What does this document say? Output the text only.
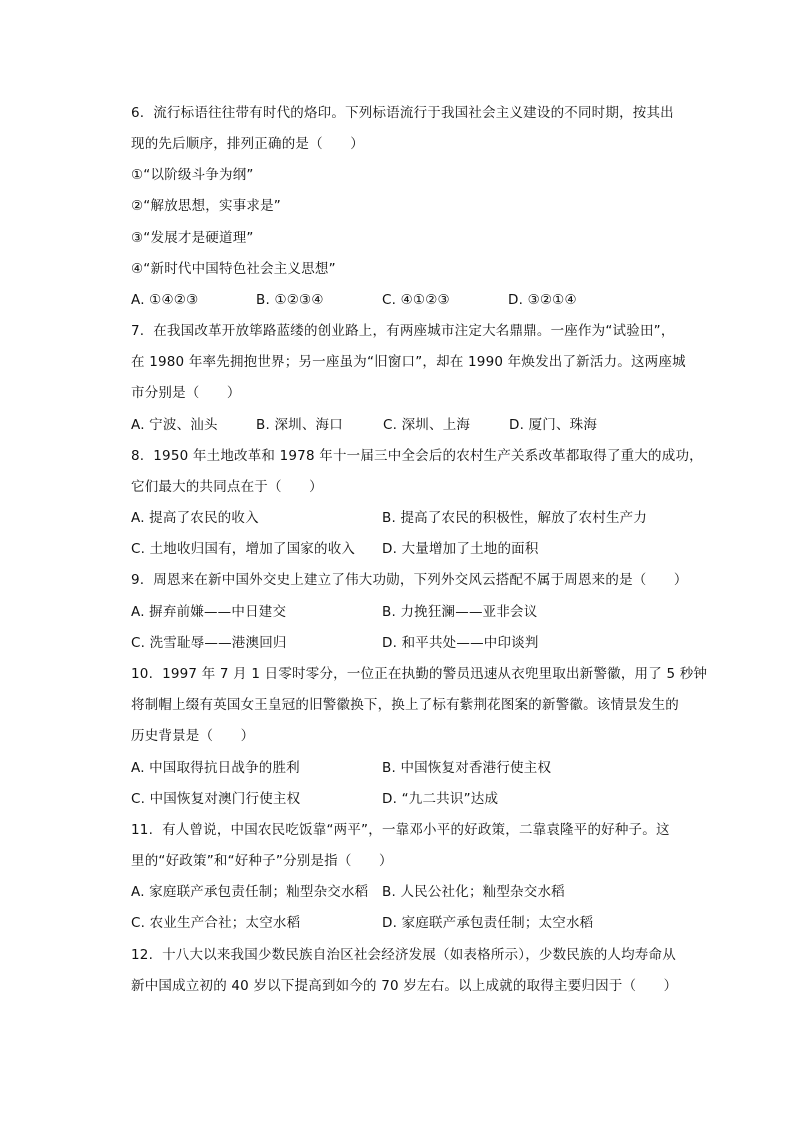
6. 流行标语往往带有时代的烙印。下列标语流行于我国社会主义建设的不同时期，按其出
现的先后顺序，排列正确的是（　　）
①“以阶级斗争为纲”
②“解放思想，实事求是”
③“发展才是硬道理”
④“新时代中国特色社会主义思想”
A. ①④②③	B. ①②③④	C. ④①②③	D. ③②①④
7. 在我国改革开放筚路蓝缕的创业路上，有两座城市注定大名鼎鼎。一座作为“试验田”，
在 1980 年率先拥抱世界；另一座虽为“旧窗口”，却在 1990 年焕发出了新活力。这两座城
市分别是（　　）
A. 宁波、汕头	B. 深圳、海口	C. 深圳、上海	D. 厦门、珠海
8. 1950 年土地改革和 1978 年十一届三中全会后的农村生产关系改革都取得了重大的成功，
它们最大的共同点在于（　　）
A. 提高了农民的收入	B. 提高了农民的积极性，解放了农村生产力
C. 土地收归国有，增加了国家的收入 D. 大量增加了土地的面积
9. 周恩来在新中国外交史上建立了伟大功勋，下列外交风云搭配不属于周恩来的是（　　）
A. 摒弃前嫌——中日建交	B. 力挽狂澜——亚非会议
C. 洗雪耻辱——港澳回归	D. 和平共处——中印谈判
10. 1997 年 7 月 1 日零时零分，一位正在执勤的警员迅速从衣兜里取出新警徽，用了 5 秒钟
将制帽上缀有英国女王皇冠的旧警徽换下，换上了标有紫荆花图案的新警徽。该情景发生的
历史背景是（　　）
A. 中国取得抗日战争的胜利	B. 中国恢复对香港行使主权
C. 中国恢复对澳门行使主权	D. “九二共识”达成
11. 有人曾说，中国农民吃饭靠“两平”，一靠邓小平的好政策，二靠袁隆平的好种子。这
里的“好政策”和“好种子”分别是指（　　）
A. 家庭联产承包责任制；籼型杂交水稻 B. 人民公社化；籼型杂交水稻
C. 农业生产合社；太空水稻	D. 家庭联产承包责任制；太空水稻
12. 十八大以来我国少数民族自治区社会经济发展（如表格所示），少数民族的人均寿命从
新中国成立初的 40 岁以下提高到如今的 70 岁左右。以上成就的取得主要归因于（　　）
